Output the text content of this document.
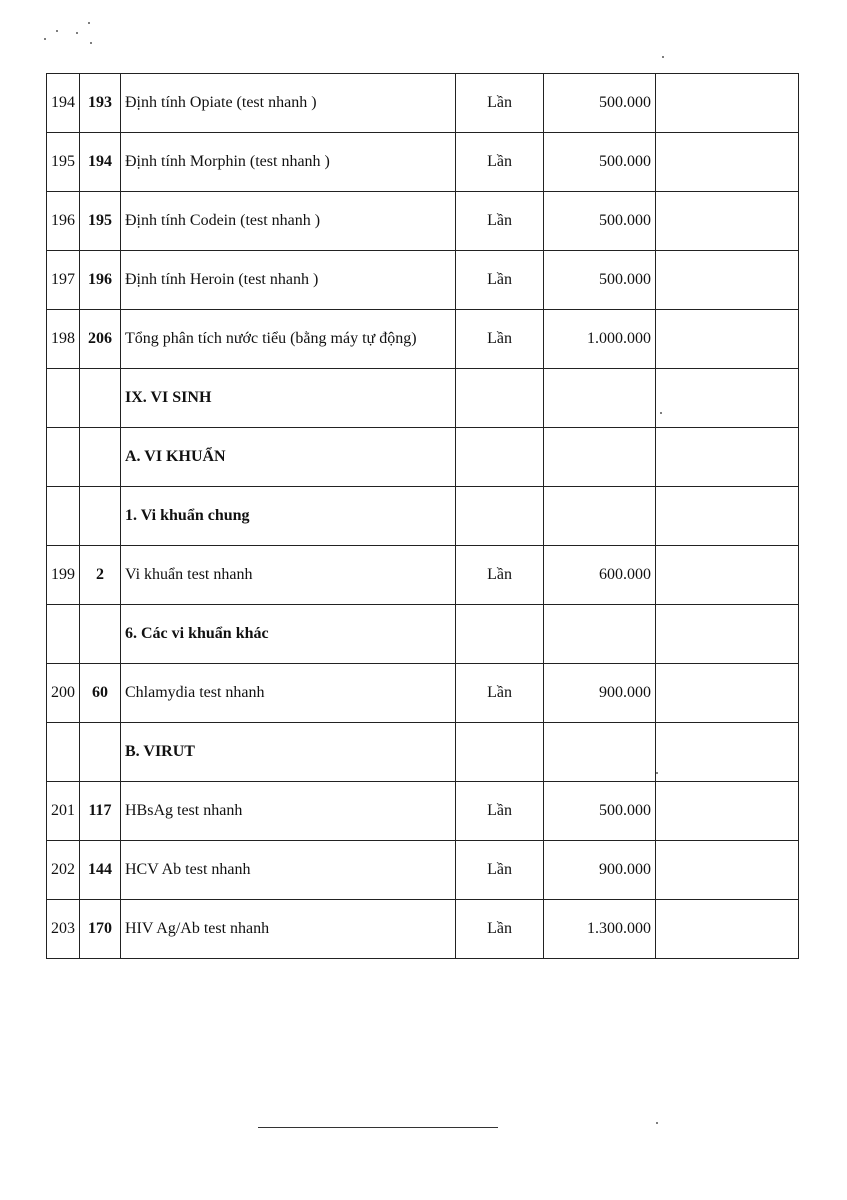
194	193	Định tính Opiate (test nhanh )	Lần	500.000	
195	194	Định tính Morphin (test nhanh )	Lần	500.000	
196	195	Định tính Codein (test nhanh )	Lần	500.000	
197	196	Định tính Heroin (test nhanh )	Lần	500.000	
198	206	Tổng phân tích nước tiểu (bằng máy tự động)	Lần	1.000.000	
		IX. VI SINH			
		A. VI KHUẨN			
		1. Vi khuẩn chung			
199	2	Vi khuẩn test nhanh	Lần	600.000	
		6. Các vi khuẩn khác			
200	60	Chlamydia test nhanh	Lần	900.000	
		B. VIRUT			
201	117	HBsAg test nhanh	Lần	500.000	
202	144	HCV Ab test nhanh	Lần	900.000	
203	170	HIV Ag/Ab test nhanh	Lần	1.300.000	
